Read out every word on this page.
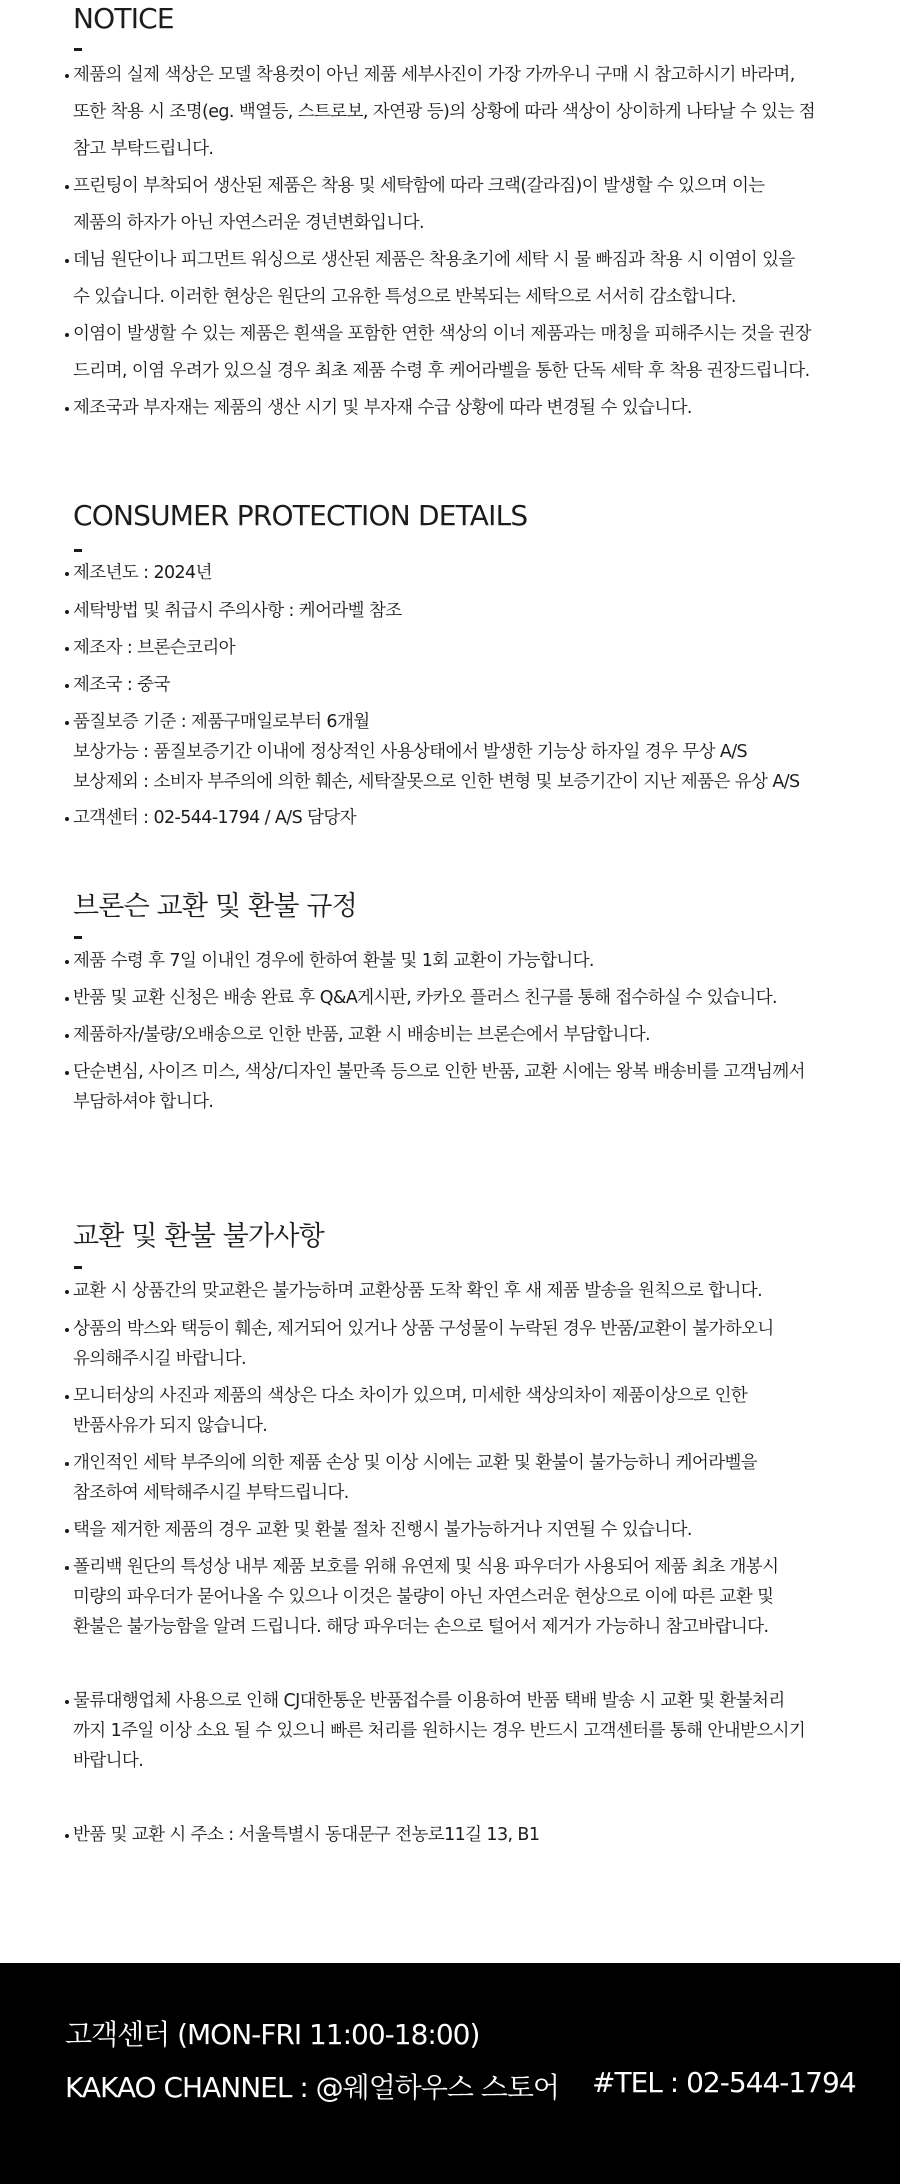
NOTICE
제품의 실제 색상은 모델 착용컷이 아닌 제품 세부사진이 가장 가까우니 구매 시 참고하시기 바라며,
또한 착용 시 조명(eg. 백열등, 스트로보, 자연광 등)의 상황에 따라 색상이 상이하게 나타날 수 있는 점
참고 부탁드립니다.
프린팅이 부착되어 생산된 제품은 착용 및 세탁함에 따라 크랙(갈라짐)이 발생할 수 있으며 이는
제품의 하자가 아닌 자연스러운 경년변화입니다.
데님 원단이나 피그먼트 워싱으로 생산된 제품은 착용초기에 세탁 시 물 빠짐과 착용 시 이염이 있을
수 있습니다. 이러한 현상은 원단의 고유한 특성으로 반복되는 세탁으로 서서히 감소합니다.
이염이 발생할 수 있는 제품은 흰색을 포함한 연한 색상의 이너 제품과는 매칭을 피해주시는 것을 권장
드리며, 이염 우려가 있으실 경우 최초 제품 수령 후 케어라벨을 통한 단독 세탁 후 착용 권장드립니다.
제조국과 부자재는 제품의 생산 시기 및 부자재 수급 상황에 따라 변경될 수 있습니다.
CONSUMER PROTECTION DETAILS
제조년도 : 2024년
세탁방법 및 취급시 주의사항 : 케어라벨 참조
제조자 : 브론슨코리아
제조국 : 중국
품질보증 기준 : 제품구매일로부터 6개월
보상가능 : 품질보증기간 이내에 정상적인 사용상태에서 발생한 기능상 하자일 경우 무상 A/S
보상제외 : 소비자 부주의에 의한 훼손, 세탁잘못으로 인한 변형 및 보증기간이 지난 제품은 유상 A/S
고객센터 : 02-544-1794 / A/S 담당자
브론슨 교환 및 환불 규정
제품 수령 후 7일 이내인 경우에 한하여 환불 및 1회 교환이 가능합니다.
반품 및 교환 신청은 배송 완료 후 Q&A게시판, 카카오 플러스 친구를 통해 접수하실 수 있습니다.
제품하자/불량/오배송으로 인한 반품, 교환 시 배송비는 브론슨에서 부담합니다.
단순변심, 사이즈 미스, 색상/디자인 불만족 등으로 인한 반품, 교환 시에는 왕복 배송비를 고객님께서
부담하셔야 합니다.
교환 및 환불 불가사항
교환 시 상품간의 맞교환은 불가능하며 교환상품 도착 확인 후 새 제품 발송을 원칙으로 합니다.
상품의 박스와 택등이 훼손, 제거되어 있거나 상품 구성물이 누락된 경우 반품/교환이 불가하오니
유의해주시길 바랍니다.
모니터상의 사진과 제품의 색상은 다소 차이가 있으며, 미세한 색상의차이 제품이상으로 인한
반품사유가 되지 않습니다.
개인적인 세탁 부주의에 의한 제품 손상 및 이상 시에는 교환 및 환불이 불가능하니 케어라벨을
참조하여 세탁해주시길 부탁드립니다.
택을 제거한 제품의 경우 교환 및 환불 절차 진행시 불가능하거나 지연될 수 있습니다.
폴리백 원단의 특성상 내부 제품 보호를 위해 유연제 및 식용 파우더가 사용되어 제품 최초 개봉시
미량의 파우더가 묻어나올 수 있으나 이것은 불량이 아닌 자연스러운 현상으로 이에 따른 교환 및
환불은 불가능함을 알려 드립니다. 해당 파우더는 손으로 털어서 제거가 가능하니 참고바랍니다.
물류대행업체 사용으로 인해 CJ대한통운 반품접수를 이용하여 반품 택배 발송 시 교환 및 환불처리
까지 1주일 이상 소요 될 수 있으니 빠른 처리를 원하시는 경우 반드시 고객센터를 통해 안내받으시기
바랍니다.
반품 및 교환 시 주소 : 서울특별시 동대문구 전농로11길 13, B1
고객센터 (MON-FRI 11:00-18:00)
KAKAO CHANNEL : @웨얼하우스 스토어 #TEL : 02-544-1794
